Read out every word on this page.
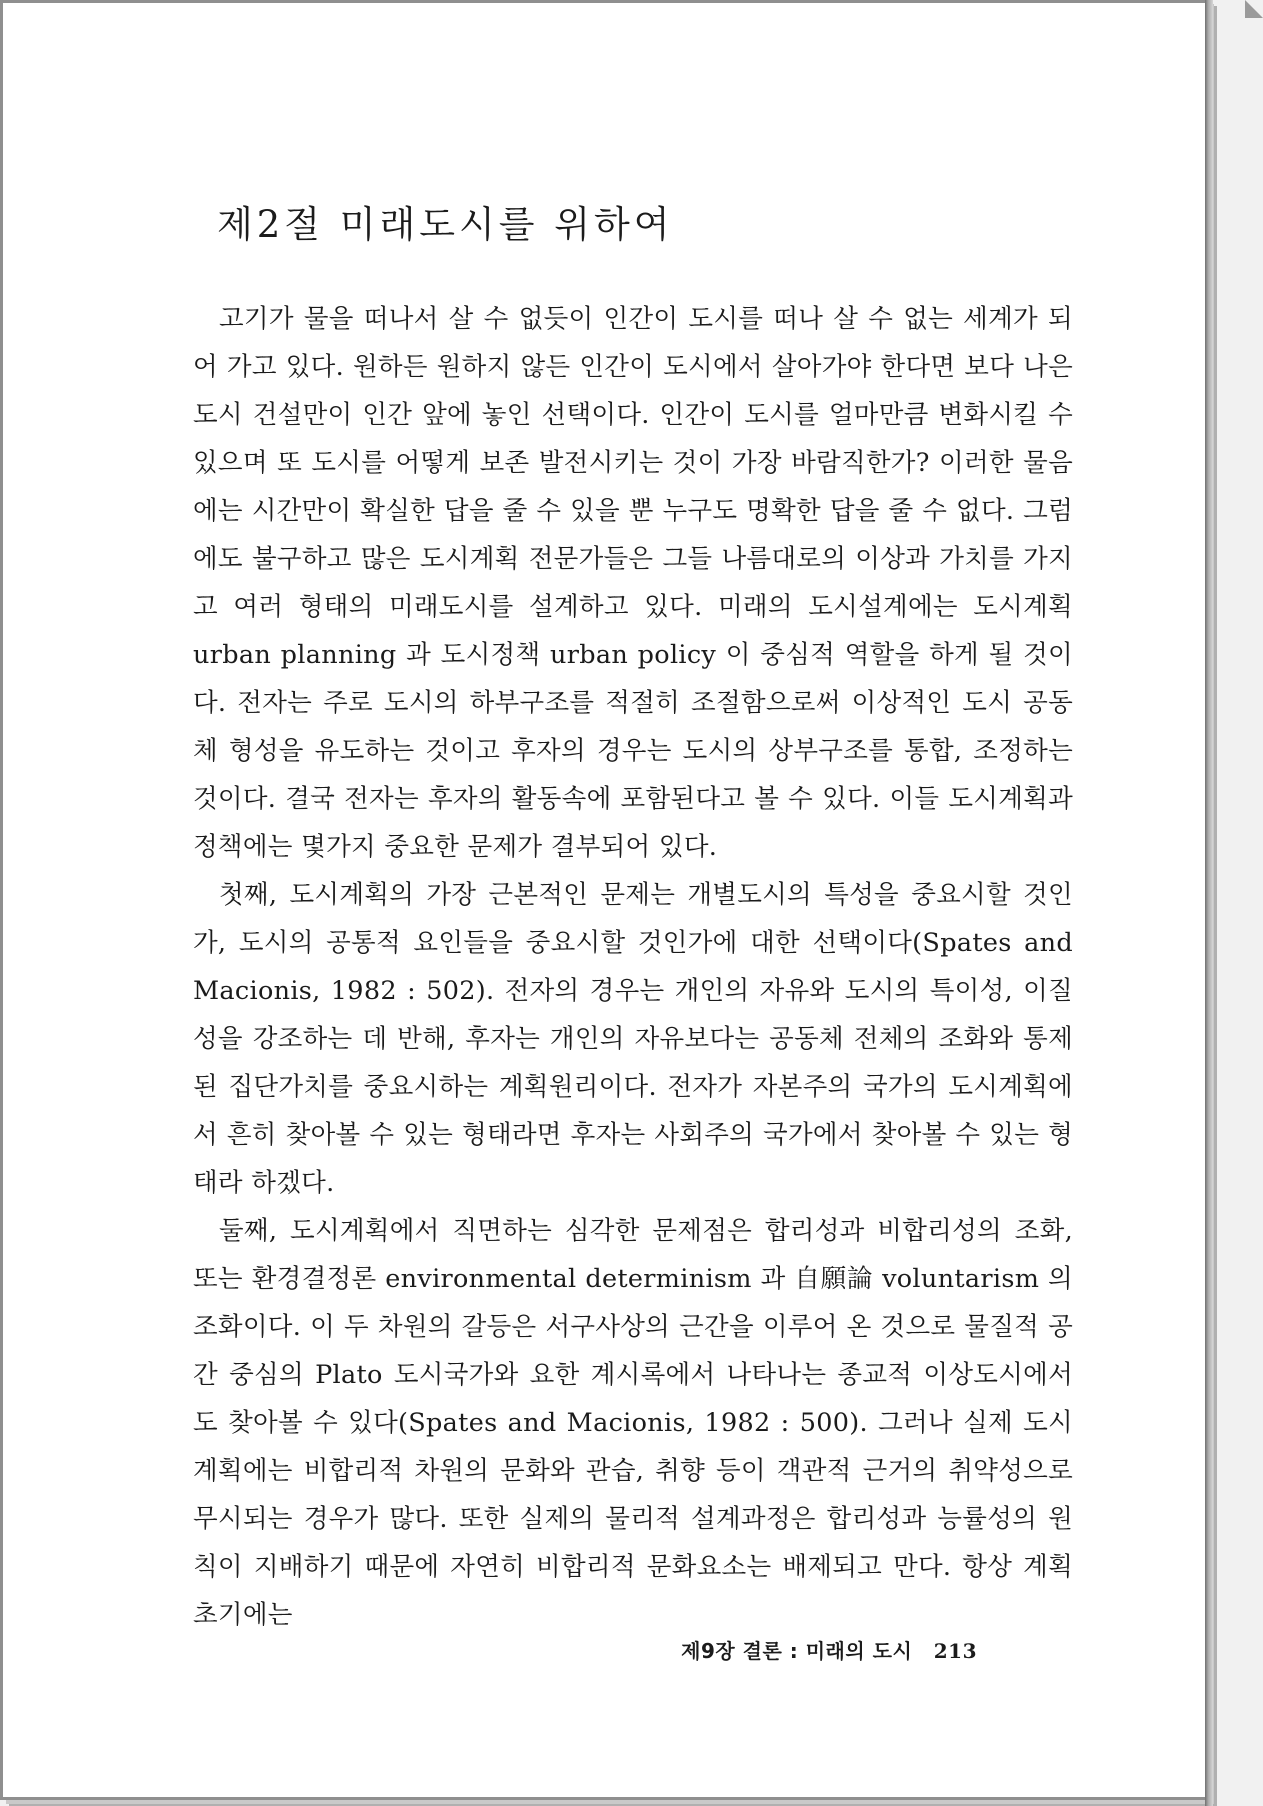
제2절 미래도시를 위하여

고기가 물을 떠나서 살 수 없듯이 인간이 도시를 떠나 살 수 없는 세계가 되어 가고 있다. 원하든 원하지 않든 인간이 도시에서 살아가야 한다면 보다 나은 도시 건설만이 인간 앞에 놓인 선택이다. 인간이 도시를 얼마만큼 변화시킬 수 있으며 또 도시를 어떻게 보존 발전시키는 것이 가장 바람직한가? 이러한 물음에는 시간만이 확실한 답을 줄 수 있을 뿐 누구도 명확한 답을 줄 수 없다. 그럼에도 불구하고 많은 도시계획 전문가들은 그들 나름대로의 이상과 가치를 가지고 여러 형태의 미래도시를 설계하고 있다. 미래의 도시설계에는 도시계획 urban planning 과 도시정책 urban policy 이 중심적 역할을 하게 될 것이다. 전자는 주로 도시의 하부구조를 적절히 조절함으로써 이상적인 도시 공동체 형성을 유도하는 것이고 후자의 경우는 도시의 상부구조를 통합, 조정하는 것이다. 결국 전자는 후자의 활동속에 포함된다고 볼 수 있다. 이들 도시계획과 정책에는 몇가지 중요한 문제가 결부되어 있다.

첫째, 도시계획의 가장 근본적인 문제는 개별도시의 특성을 중요시할 것인가, 도시의 공통적 요인들을 중요시할 것인가에 대한 선택이다(Spates and Macionis, 1982 : 502). 전자의 경우는 개인의 자유와 도시의 특이성, 이질성을 강조하는 데 반해, 후자는 개인의 자유보다는 공동체 전체의 조화와 통제된 집단가치를 중요시하는 계획원리이다. 전자가 자본주의 국가의 도시계획에서 흔히 찾아볼 수 있는 형태라면 후자는 사회주의 국가에서 찾아볼 수 있는 형태라 하겠다.

둘째, 도시계획에서 직면하는 심각한 문제점은 합리성과 비합리성의 조화, 또는 환경결정론 environmental determinism 과 自願論 voluntarism 의 조화이다. 이 두 차원의 갈등은 서구사상의 근간을 이루어 온 것으로 물질적 공간 중심의 Plato 도시국가와 요한 계시록에서 나타나는 종교적 이상도시에서도 찾아볼 수 있다(Spates and Macionis, 1982 : 500). 그러나 실제 도시계획에는 비합리적 차원의 문화와 관습, 취향 등이 객관적 근거의 취약성으로 무시되는 경우가 많다. 또한 실제의 물리적 설계과정은 합리성과 능률성의 원칙이 지배하기 때문에 자연히 비합리적 문화요소는 배제되고 만다. 항상 계획 초기에는

제9장 결론 : 미래의 도시 213
